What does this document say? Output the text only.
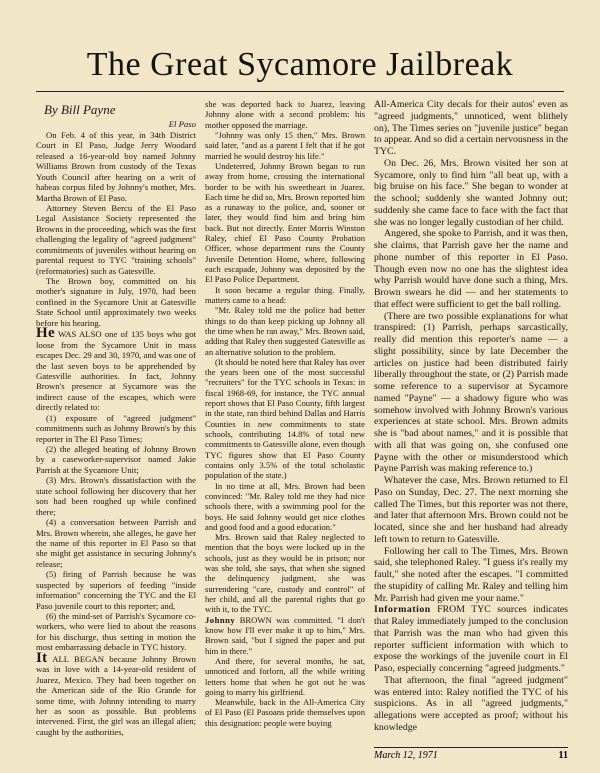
The Great Sycamore Jailbreak

By Bill Payne

El Paso

On Feb. 4 of this year, in 34th District Court in El Paso, Judge Jerry Woodard released a 16-year-old boy named Johnny Williams Brown from custody of the Texas Youth Council after hearing on a writ of habeas corpus filed by Johnny's mother, Mrs. Martha Brown of El Paso.

Attorney Steven Bercu of the El Paso Legal Assistance Society represented the Browns in the proceeding, which was the first challenging the legality of "agreed judgment" commitments of juveniles without hearing on parental request to TYC "training schools" (reformatories) such as Gatesville.

The Brown boy, committed on his mother's signature in July, 1970, had been confined in the Sycamore Unit at Gatesville State School until approximately two weeks before his hearing.

He WAS ALSO one of 135 boys who got loose from the Sycamore Unit in mass escapes Dec. 29 and 30, 1970, and was one of the last seven boys to be apprehended by Gatesville authorities. In fact, Johnny Brown's presence at Sycamore was the indirect cause of the escapes, which were directly related to:

(1) exposure of "agreed judgment" commitments such as Johnny Brown's by this reporter in The El Paso Times;

(2) the alleged beating of Johnny Brown by a caseworker-supervisor named Jakie Parrish at the Sycamore Unit;

(3) Mrs. Brown's dissatisfaction with the state school following her discovery that her son had been roughed up while confined there;

(4) a conversation between Parrish and Mrs. Brown wherein, she alleges, he gave her the name of this reporter in El Paso so that she might get assistance in securing Johnny's release;

(5) firing of Parrish because he was suspected by superiors of feeding "inside information" concerning the TYC and the El Paso juvenile court to this reporter; and,

(6) the mind-set of Parrish's Sycamore co-workers, who were lied to about the reasons for his discharge, thus setting in motion the most embarrassing debacle in TYC history.

It ALL BEGAN because Johnny Brown was in love with a 14-year-old resident of Juarez, Mexico. They had been together on the American side of the Rio Grande for some time, with Johnny intending to marry her as soon as possible. But problems intervened. First, the girl was an illegal alien; caught by the authorities,

she was deported back to Juarez, leaving Johnny alone with a second problem: his mother opposed the marriage.

"Johnny was only 15 then," Mrs. Brown said later, "and as a parent I felt that if he got married he would destroy his life."

Undeterred, Johnny Brown began to run away from home, crossing the international border to be with his sweetheart in Juarez. Each time he did so, Mrs. Brown reported him as a runaway to the police, and, sooner or later, they would find him and bring him back. But not directly. Enter Morris Winston Raley, chief El Paso County Probation Officer, whose department runs the County Juvenile Detention Home, where, following each escapade, Johnny was deposited by the El Paso Police Department.

It soon became a regular thing. Finally, matters came to a head:

"Mr. Raley told me the police had better things to do than keep picking up Johnny all the time when he ran away," Mrs. Brown said, adding that Raley then suggested Gatesville as an alternative solution to the problem.

(It should be noted here that Raley has over the years been one of the most successful "recruiters" for the TYC schools in Texas: in fiscal 1968-69, for instance, the TYC annual report shows that El Paso County, fifth largest in the state, ran third behind Dallas and Harris Counties in new commitments to state schools, contributing 14.8% of total new commitments to Gatesville alone, even though TYC figures show that El Paso County contains only 3.5% of the total scholastic population of the state.)

In no time at all, Mrs. Brown had been convinced: "Mr. Raley told me they had nice schools there, with a swimming pool for the boys. He said Johnny would get nice clothes and good food and a good education."

Mrs. Brown said that Raley neglected to mention that the boys were locked up in the schools, just as they would be in prison; nor was she told, she says, that when she signed the delinquency judgment, she was surrendering "care, custody and control" of her child, and all the parental rights that go with it, to the TYC.

Johnny BROWN was committed. "I don't know how I'll ever make it up to him," Mrs. Brown said, "but I signed the paper and put him in there."

And there, for several months, he sat, unnoticed and forlorn, all the while writing letters home that when he got out he was going to marry his girlfriend.

Meanwhile, back in the All-America City of El Paso (El Pasoans pride themselves upon this designation: people were buying

All-America City decals for their autos' even as "agreed judgments," unnoticed, went blithely on), The Times series on "juvenile justice" began to appear. And so did a certain nervousness in the TYC.

On Dec. 26, Mrs. Brown visited her son at Sycamore, only to find him "all beat up, with a big bruise on his face." She began to wonder at the school; suddenly she wanted Johnny out; suddenly she came face to face with the fact that she was no longer legally custodian of her child.

Angered, she spoke to Parrish, and it was then, she claims, that Parrish gave her the name and phone number of this reporter in El Paso. Though even now no one has the slightest idea why Parrish would have done such a thing, Mrs. Brown swears he did — and her statements to that effect were sufficient to get the ball rolling.

(There are two possible explanations for what transpired: (1) Parrish, perhaps sarcastically, really did mention this reporter's name — a slight possibility, since by late December the articles on justice had been distributed fairly liberally throughout the state, or (2) Parrish made some reference to a supervisor at Sycamore named "Payne" — a shadowy figure who was somehow involved with Johnny Brown's various experiences at state school. Mrs. Brown admits she is "bad about names," and it is possible that with all that was going on, she confused one Payne with the other or misunderstood which Payne Parrish was making reference to.)

Whatever the case, Mrs. Brown returned to El Paso on Sunday, Dec. 27. The next morning she called The Times, but this reporter was not there, and later that afternoon Mrs. Brown could not be located, since she and her husband had already left town to return to Gatesville.

Following her call to The Times, Mrs. Brown said, she telephoned Raley. "I guess it's really my fault," she noted after the escapes. "I committed the stupidity of calling Mr. Raley and telling him Mr. Parrish had given me your name."

Information FROM TYC sources indicates that Raley immediately jumped to the conclusion that Parrish was the man who had given this reporter sufficient information with which to expose the workings of the juvenile court in El Paso, especially concerning "agreed judgments."

That afternoon, the final "agreed judgment" was entered into: Raley notified the TYC of his suspicions. As in all "agreed judgments," allegations were accepted as proof; without his knowledge

March 12, 1971	11
